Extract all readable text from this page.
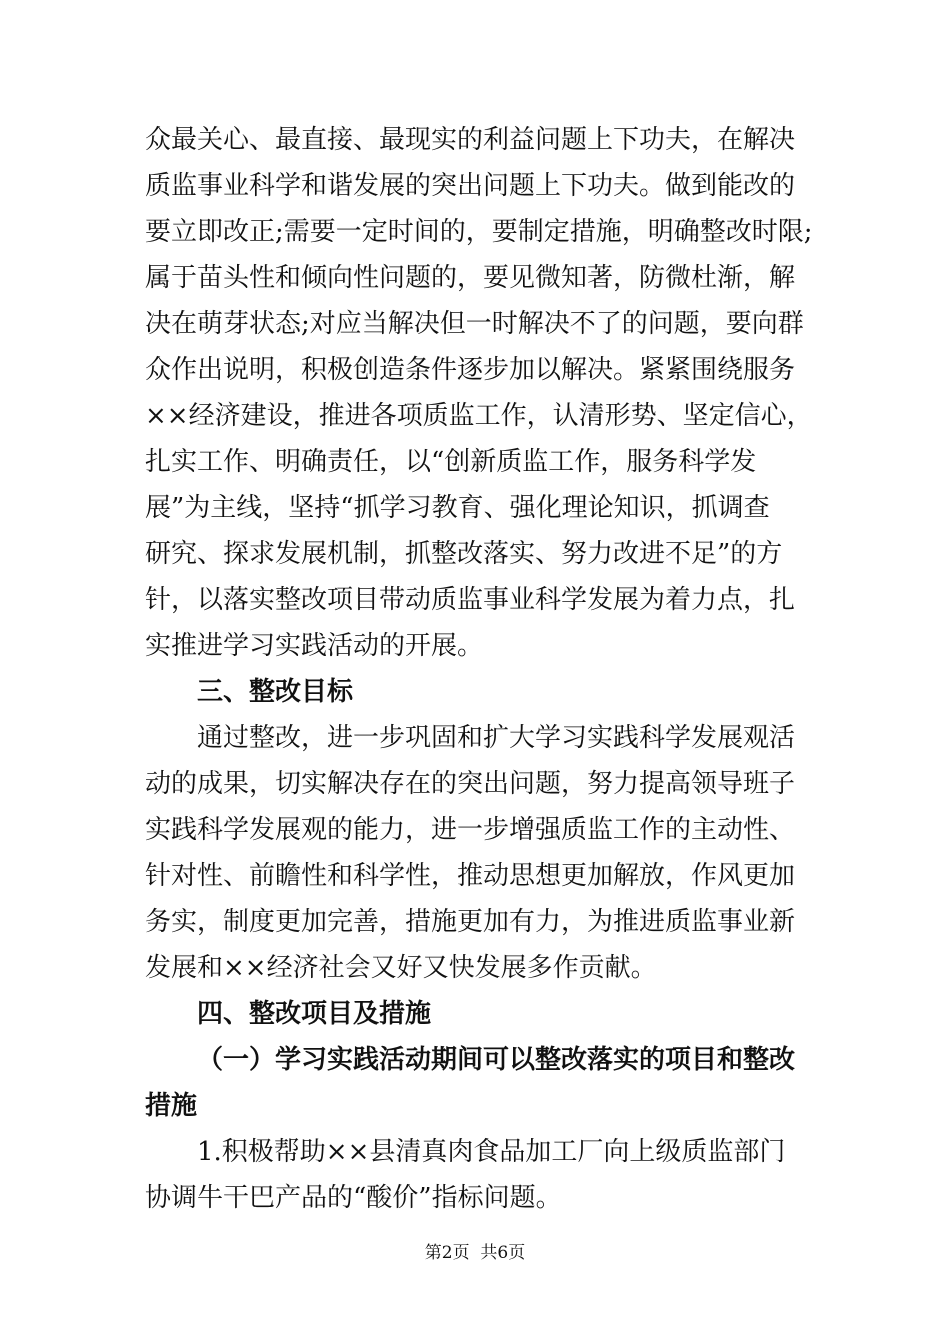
众最关心、最直接、最现实的利益问题上下功夫，在解决
质监事业科学和谐发展的突出问题上下功夫。做到能改的
要立即改正;需要一定时间的，要制定措施，明确整改时限;
属于苗头性和倾向性问题的，要见微知著，防微杜渐，解
决在萌芽状态;对应当解决但一时解决不了的问题，要向群
众作出说明，积极创造条件逐步加以解决。紧紧围绕服务
××经济建设，推进各项质监工作，认清形势、坚定信心，
扎实工作、明确责任，以“创新质监工作，服务科学发
展”为主线，坚持“抓学习教育、强化理论知识，抓调查
研究、探求发展机制，抓整改落实、努力改进不足”的方
针，以落实整改项目带动质监事业科学发展为着力点，扎
实推进学习实践活动的开展。
三、整改目标
通过整改，进一步巩固和扩大学习实践科学发展观活
动的成果，切实解决存在的突出问题，努力提高领导班子
实践科学发展观的能力，进一步增强质监工作的主动性、
针对性、前瞻性和科学性，推动思想更加解放，作风更加
务实，制度更加完善，措施更加有力，为推进质监事业新
发展和××经济社会又好又快发展多作贡献。
四、整改项目及措施
（一）学习实践活动期间可以整改落实的项目和整改
措施
1.积极帮助××县清真肉食品加工厂向上级质监部门
协调牛干巴产品的“酸价”指标问题。
第2页  共6页
